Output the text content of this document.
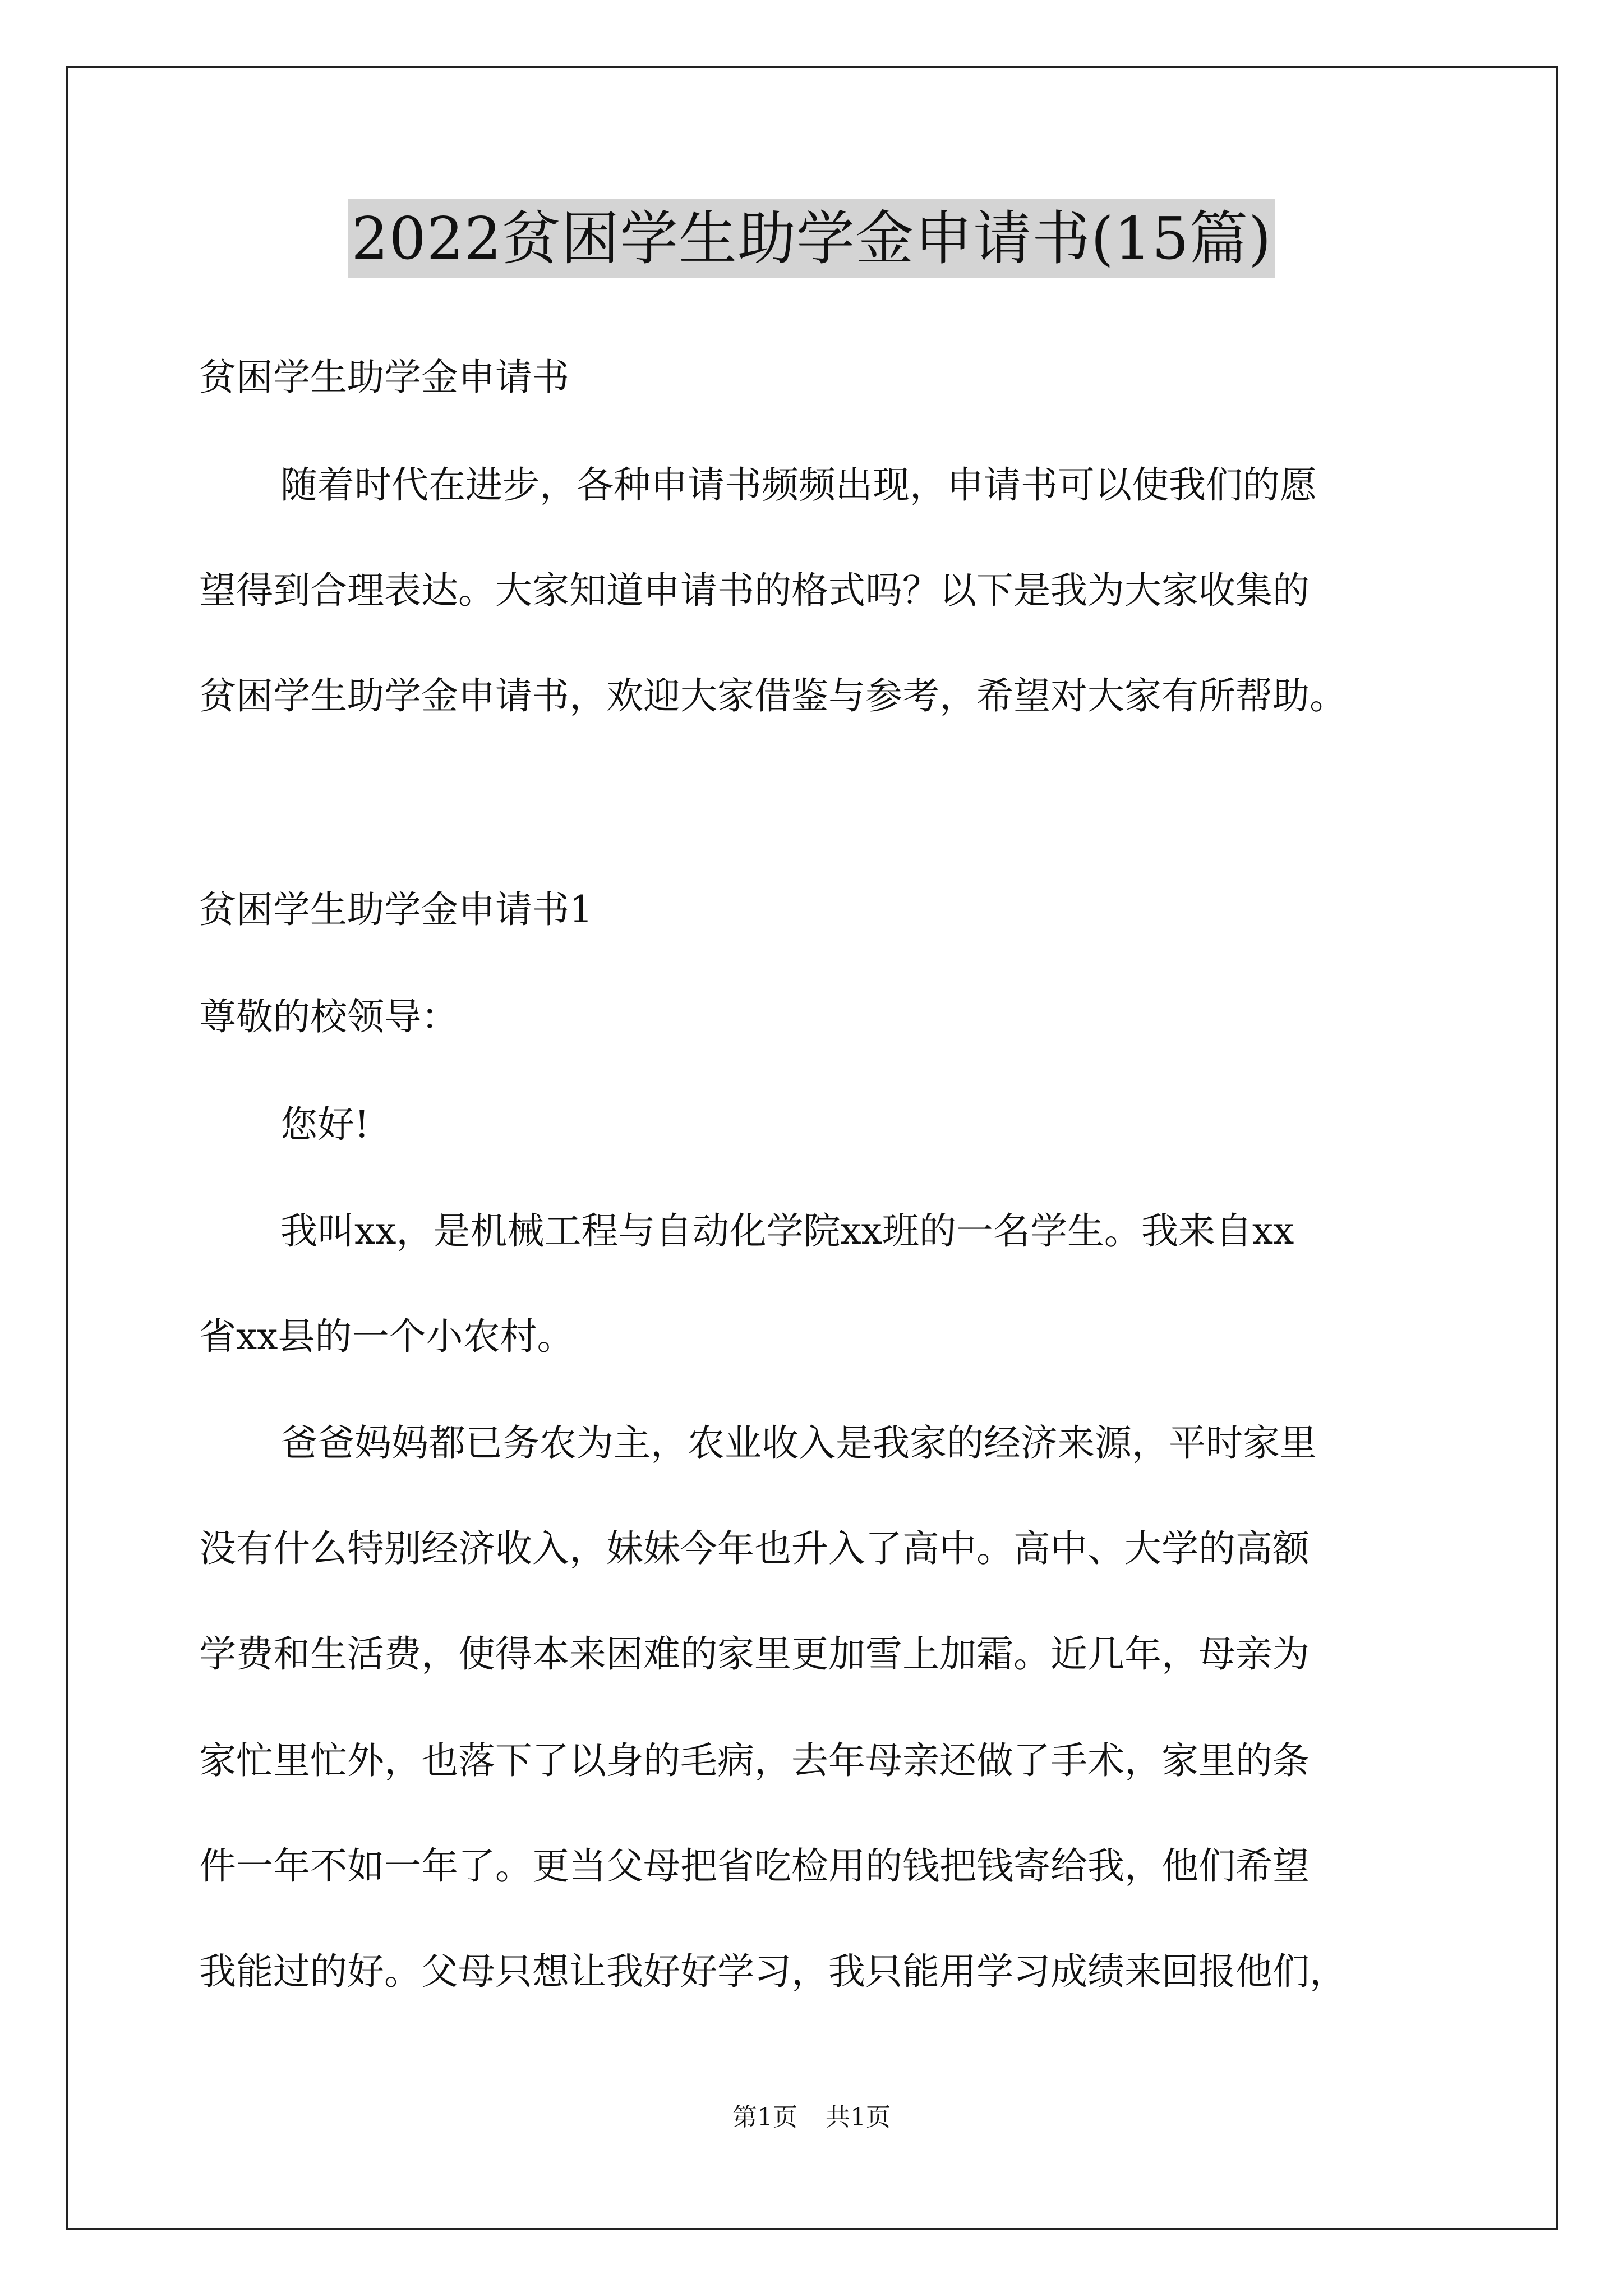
2022贫困学生助学金申请书(15篇)
贫困学生助学金申请书
随着时代在进步，各种申请书频频出现，申请书可以使我们的愿
望得到合理表达。大家知道申请书的格式吗？以下是我为大家收集的
贫困学生助学金申请书，欢迎大家借鉴与参考，希望对大家有所帮助。
贫困学生助学金申请书1
尊敬的校领导：
您好!
我叫xx，是机械工程与自动化学院xx班的一名学生。我来自xx
省xx县的一个小农村。
爸爸妈妈都已务农为主，农业收入是我家的经济来源，平时家里
没有什么特别经济收入，妹妹今年也升入了高中。高中、大学的高额
学费和生活费，使得本来困难的家里更加雪上加霜。近几年，母亲为
家忙里忙外，也落下了以身的毛病，去年母亲还做了手术，家里的条
件一年不如一年了。更当父母把省吃检用的钱把钱寄给我，他们希望
我能过的好。父母只想让我好好学习，我只能用学习成绩来回报他们，
第1页 共1页
